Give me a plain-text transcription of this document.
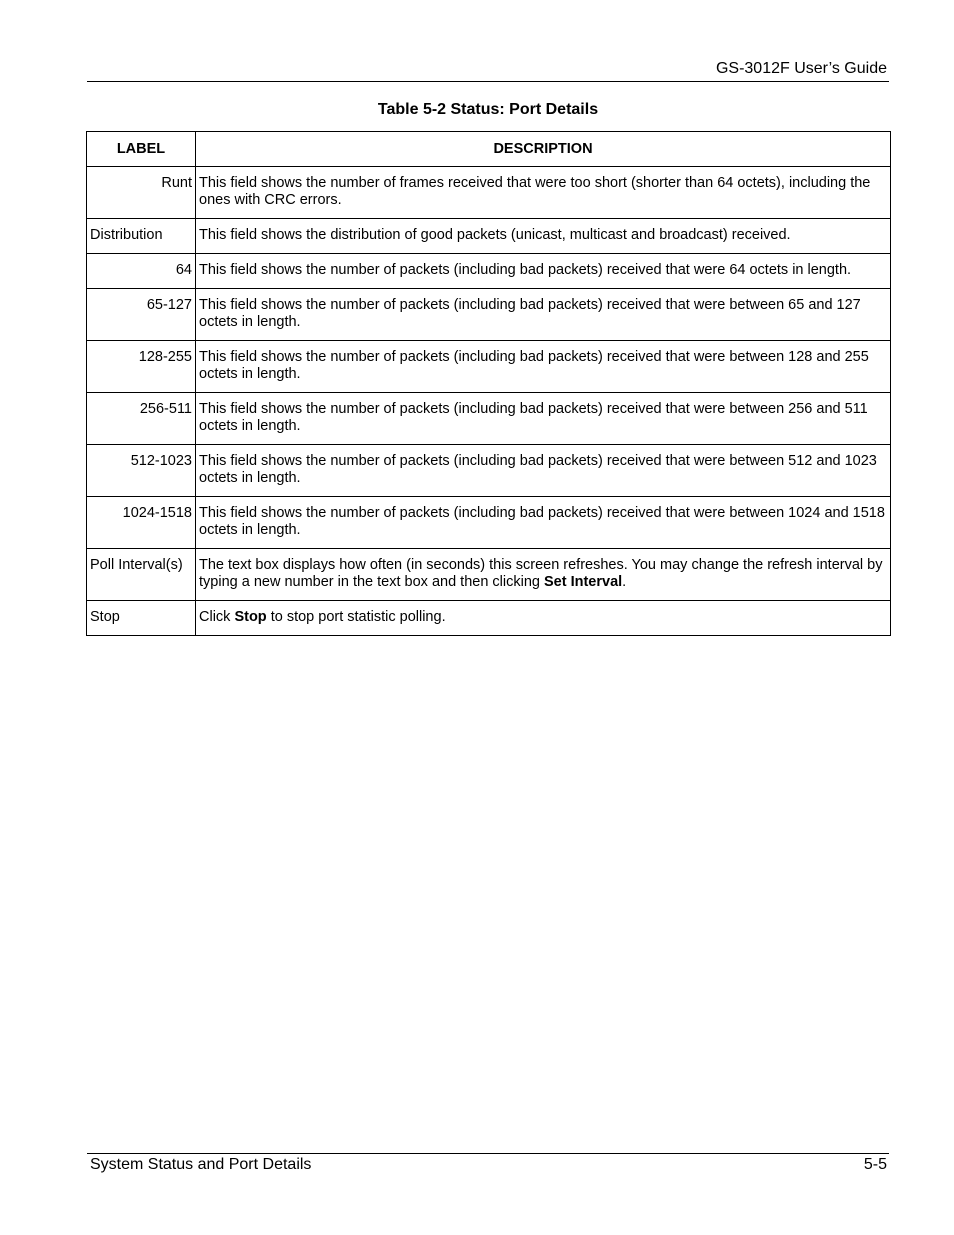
GS-3012F User’s Guide
Table 5-2 Status: Port Details
LABEL	DESCRIPTION
Runt	This field shows the number of frames received that were too short (shorter than 64 octets), including the ones with CRC errors.
Distribution	This field shows the distribution of good packets (unicast, multicast and broadcast) received.
64	This field shows the number of packets (including bad packets) received that were 64 octets in length.
65-127	This field shows the number of packets (including bad packets) received that were between 65 and 127 octets in length.
128-255	This field shows the number of packets (including bad packets) received that were between 128 and 255 octets in length.
256-511	This field shows the number of packets (including bad packets) received that were between 256 and 511 octets in length.
512-1023	This field shows the number of packets (including bad packets) received that were between 512 and 1023 octets in length.
1024-1518	This field shows the number of packets (including bad packets) received that were between 1024 and 1518 octets in length.
Poll Interval(s)	The text box displays how often (in seconds) this screen refreshes. You may change the refresh interval by typing a new number in the text box and then clicking Set Interval.
Stop	Click Stop to stop port statistic polling.
System Status and Port Details	5-5
